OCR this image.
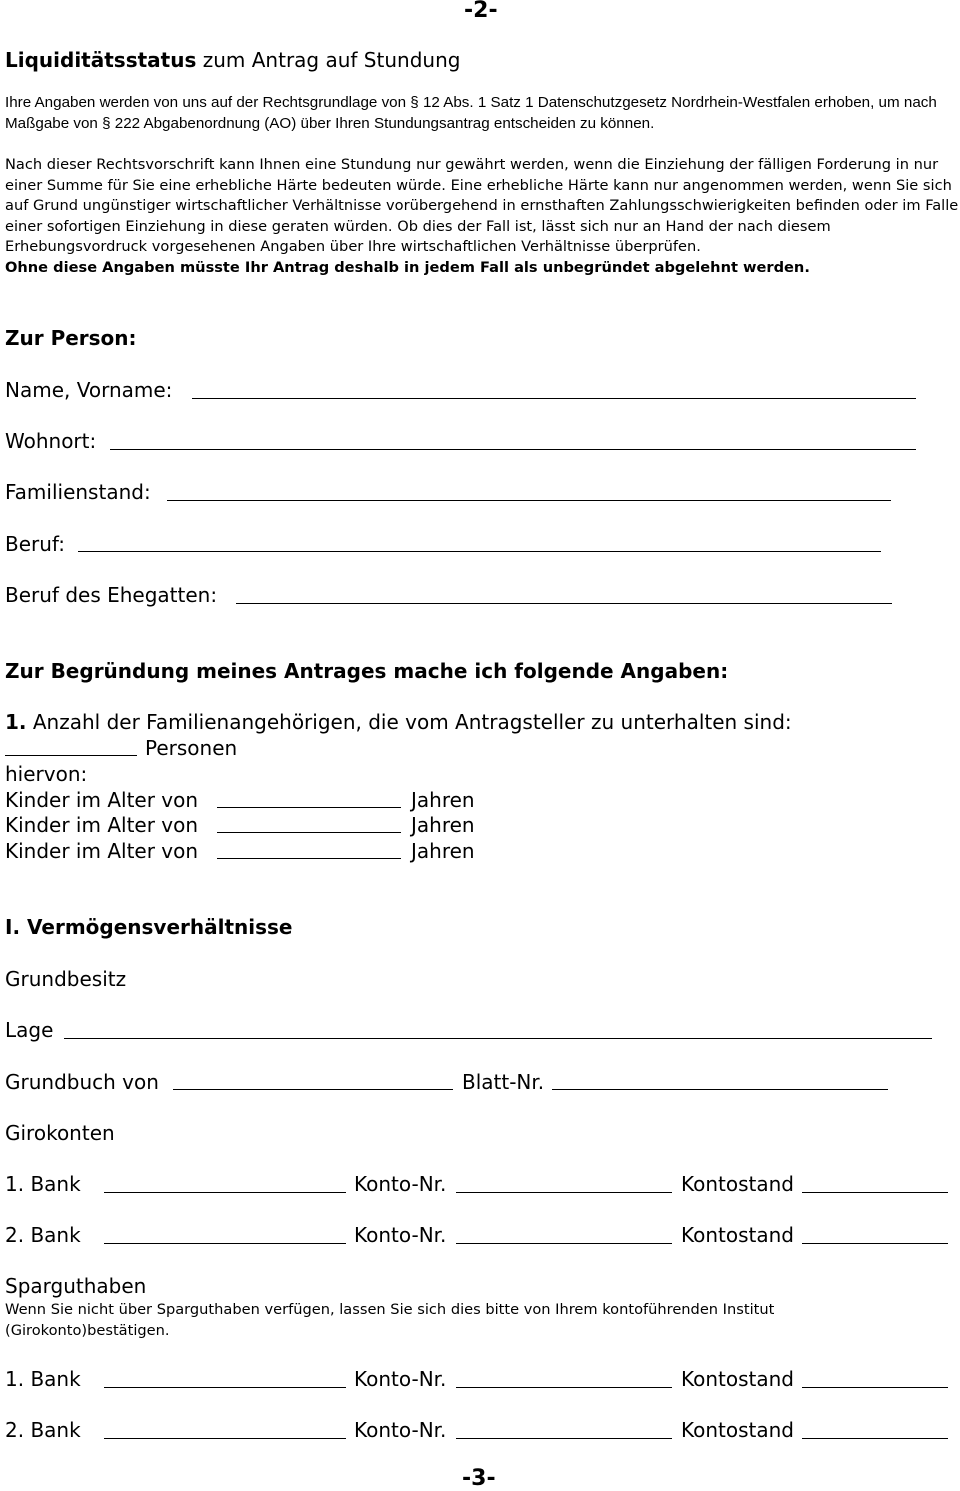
-2-
Liquiditätsstatus zum Antrag auf Stundung

Ihre Angaben werden von uns auf der Rechtsgrundlage von § 12 Abs. 1 Satz 1 Datenschutzgesetz Nordrhein-Westfalen erhoben, um nach Maßgabe von § 222 Abgabenordnung (AO) über Ihren Stundungsantrag entscheiden zu können.

Nach dieser Rechtsvorschrift kann Ihnen eine Stundung nur gewährt werden, wenn die Einziehung der fälligen Forderung in nur einer Summe für Sie eine erhebliche Härte bedeuten würde. Eine erhebliche Härte kann nur angenommen werden, wenn Sie sich auf Grund ungünstiger wirtschaftlicher Verhältnisse vorübergehend in ernsthaften Zahlungsschwierigkeiten befinden oder im Falle einer sofortigen Einziehung in diese geraten würden. Ob dies der Fall ist, lässt sich nur an Hand der nach diesem Erhebungsvordruck vorgesehenen Angaben über Ihre wirtschaftlichen Verhältnisse überprüfen.

Ohne diese Angaben müsste Ihr Antrag deshalb in jedem Fall als unbegründet abgelehnt werden.

Zur Person:
Name, Vorname:
Wohnort:
Familienstand:
Beruf:
Beruf des Ehegatten:
Zur Begründung meines Antrages mache ich folgende Angaben:
1. Anzahl der Familienangehörigen, die vom Antragsteller zu unterhalten sind:
Personen
hiervon:
Kinder im Alter von	Jahren
Kinder im Alter von	Jahren
Kinder im Alter von	Jahren
I. Vermögensverhältnisse
Grundbesitz
Lage
Grundbuch von	Blatt-Nr.
Girokonten
1. Bank	Konto-Nr.	Kontostand
2. Bank	Konto-Nr.	Kontostand
Sparguthaben
Wenn Sie nicht über Sparguthaben verfügen, lassen Sie sich dies bitte von Ihrem kontoführenden Institut (Girokonto)bestätigen.
1. Bank	Konto-Nr.	Kontostand
2. Bank	Konto-Nr.	Kontostand
-3-
